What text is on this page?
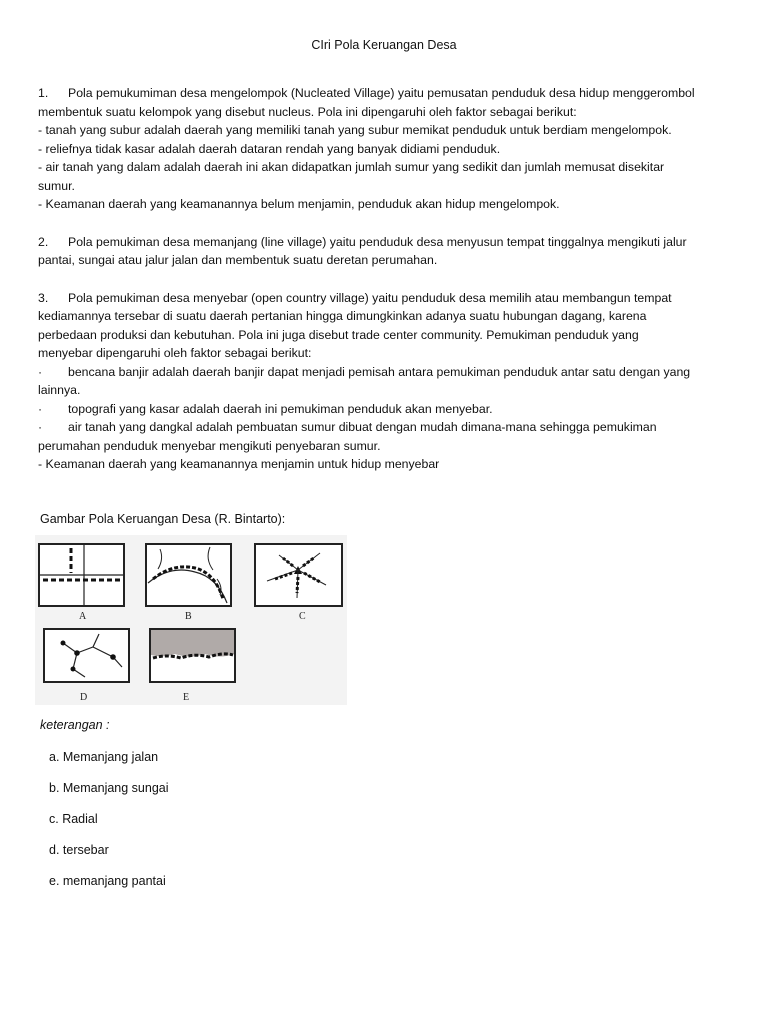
CIri Pola Keruangan Desa

1. Pola pemukumiman desa mengelompok (Nucleated Village) yaitu pemusatan penduduk desa hidup menggerombol

membentuk suatu kelompok yang disebut nucleus. Pola ini dipengaruhi oleh faktor sebagai berikut:

- tanah yang subur adalah daerah yang memiliki tanah yang subur memikat penduduk untuk berdiam mengelompok.

- reliefnya tidak kasar adalah daerah dataran rendah yang banyak didiami penduduk.

- air tanah yang dalam adalah daerah ini akan didapatkan jumlah sumur yang sedikit dan jumlah memusat disekitar

sumur.

- Keamanan daerah yang keamanannya belum menjamin, penduduk akan hidup mengelompok.

2. Pola pemukiman desa memanjang (line village) yaitu penduduk desa menyusun tempat tinggalnya mengikuti jalur

pantai, sungai atau jalur jalan dan membentuk suatu deretan perumahan.

3. Pola pemukiman desa menyebar (open country village) yaitu penduduk desa memilih atau membangun tempat

kediamannya tersebar di suatu daerah pertanian hingga dimungkinkan adanya suatu hubungan dagang, karena

perbedaan produksi dan kebutuhan. Pola ini juga disebut trade center community. Pemukiman penduduk yang

menyebar dipengaruhi oleh faktor sebagai berikut:

· bencana banjir adalah daerah banjir dapat menjadi pemisah antara pemukiman penduduk antar satu dengan yang

lainnya.

· topografi yang kasar adalah daerah ini pemukiman penduduk akan menyebar.

· air tanah yang dangkal adalah pembuatan sumur dibuat dengan mudah dimana-mana sehingga pemukiman

perumahan penduduk menyebar mengikuti penyebaran sumur.

- Keamanan daerah yang keamanannya menjamin untuk hidup menyebar

Gambar Pola Keruangan Desa (R. Bintarto):
A	B	C
D	E
keterangan :
a. Memanjang jalan
b. Memanjang sungai
c. Radial
d. tersebar
e. memanjang pantai
